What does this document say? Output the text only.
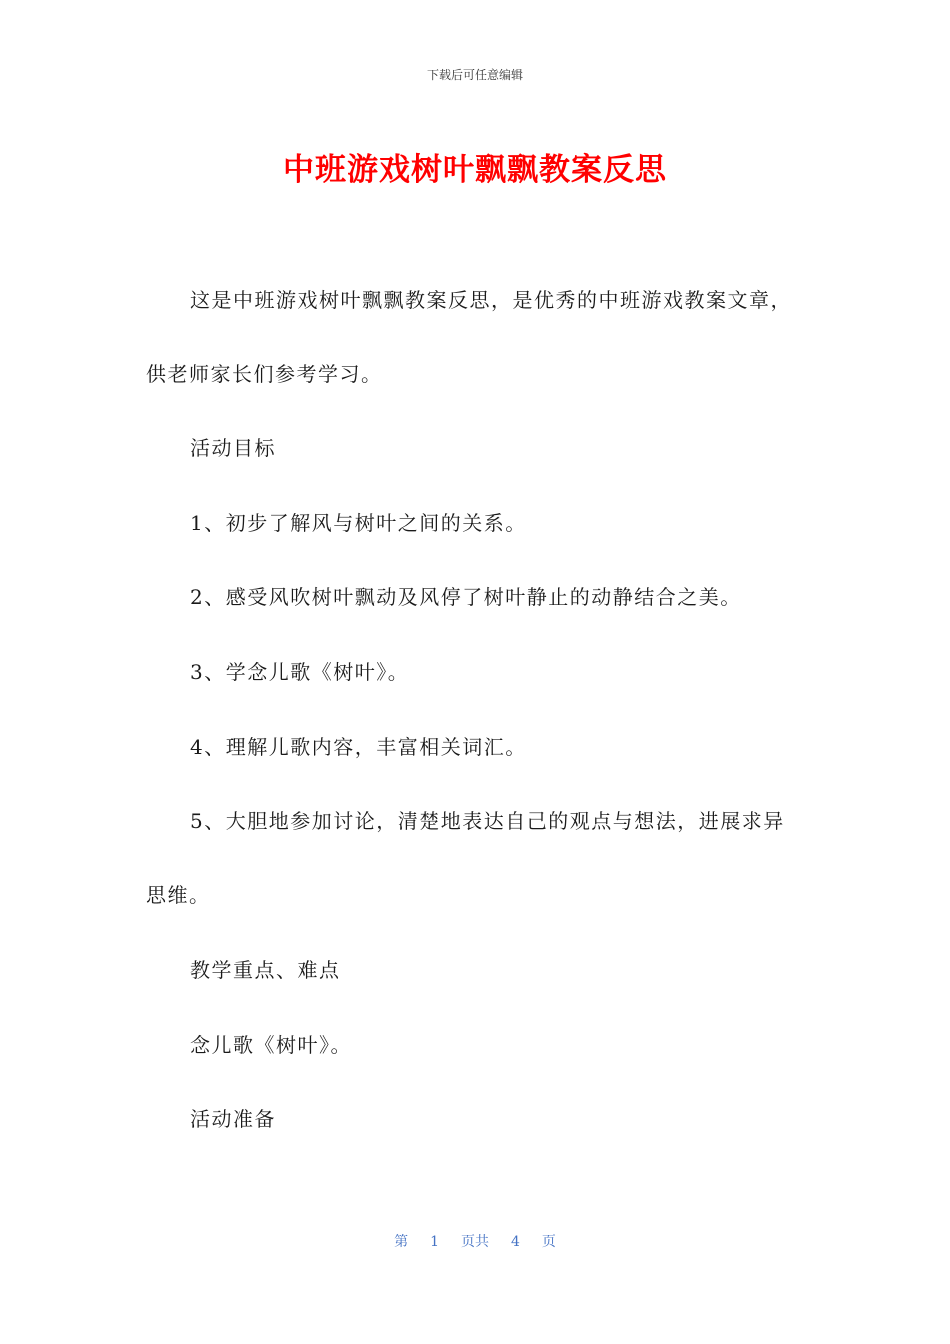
下载后可任意编辑
中班游戏树叶飘飘教案反思
这是中班游戏树叶飘飘教案反思，是优秀的中班游戏教案文章，
供老师家长们参考学习。
活动目标
1、初步了解风与树叶之间的关系。
2、感受风吹树叶飘动及风停了树叶静止的动静结合之美。
3、学念儿歌《树叶》。
4、理解儿歌内容，丰富相关词汇。
5、大胆地参加讨论，清楚地表达自己的观点与想法，进展求异
思维。
教学重点、难点
念儿歌《树叶》。
活动准备
第 1 页共 4 页
